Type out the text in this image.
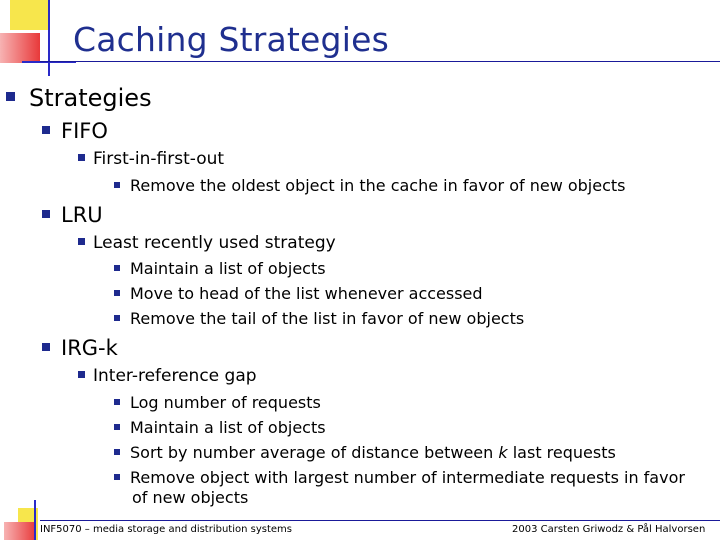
Caching Strategies
Strategies
FIFO
First-in-first-out
Remove the oldest object in the cache in favor of new objects
LRU
Least recently used strategy
Maintain a list of objects
Move to head of the list whenever accessed
Remove the tail of the list in favor of new objects
IRG-k
Inter-reference gap
Log number of requests
Maintain a list of objects
Sort by number average of distance between k last requests
Remove object with largest number of intermediate requests in favor
of new objects
INF5070 – media storage and distribution systems	2003 Carsten Griwodz & Pål Halvorsen
